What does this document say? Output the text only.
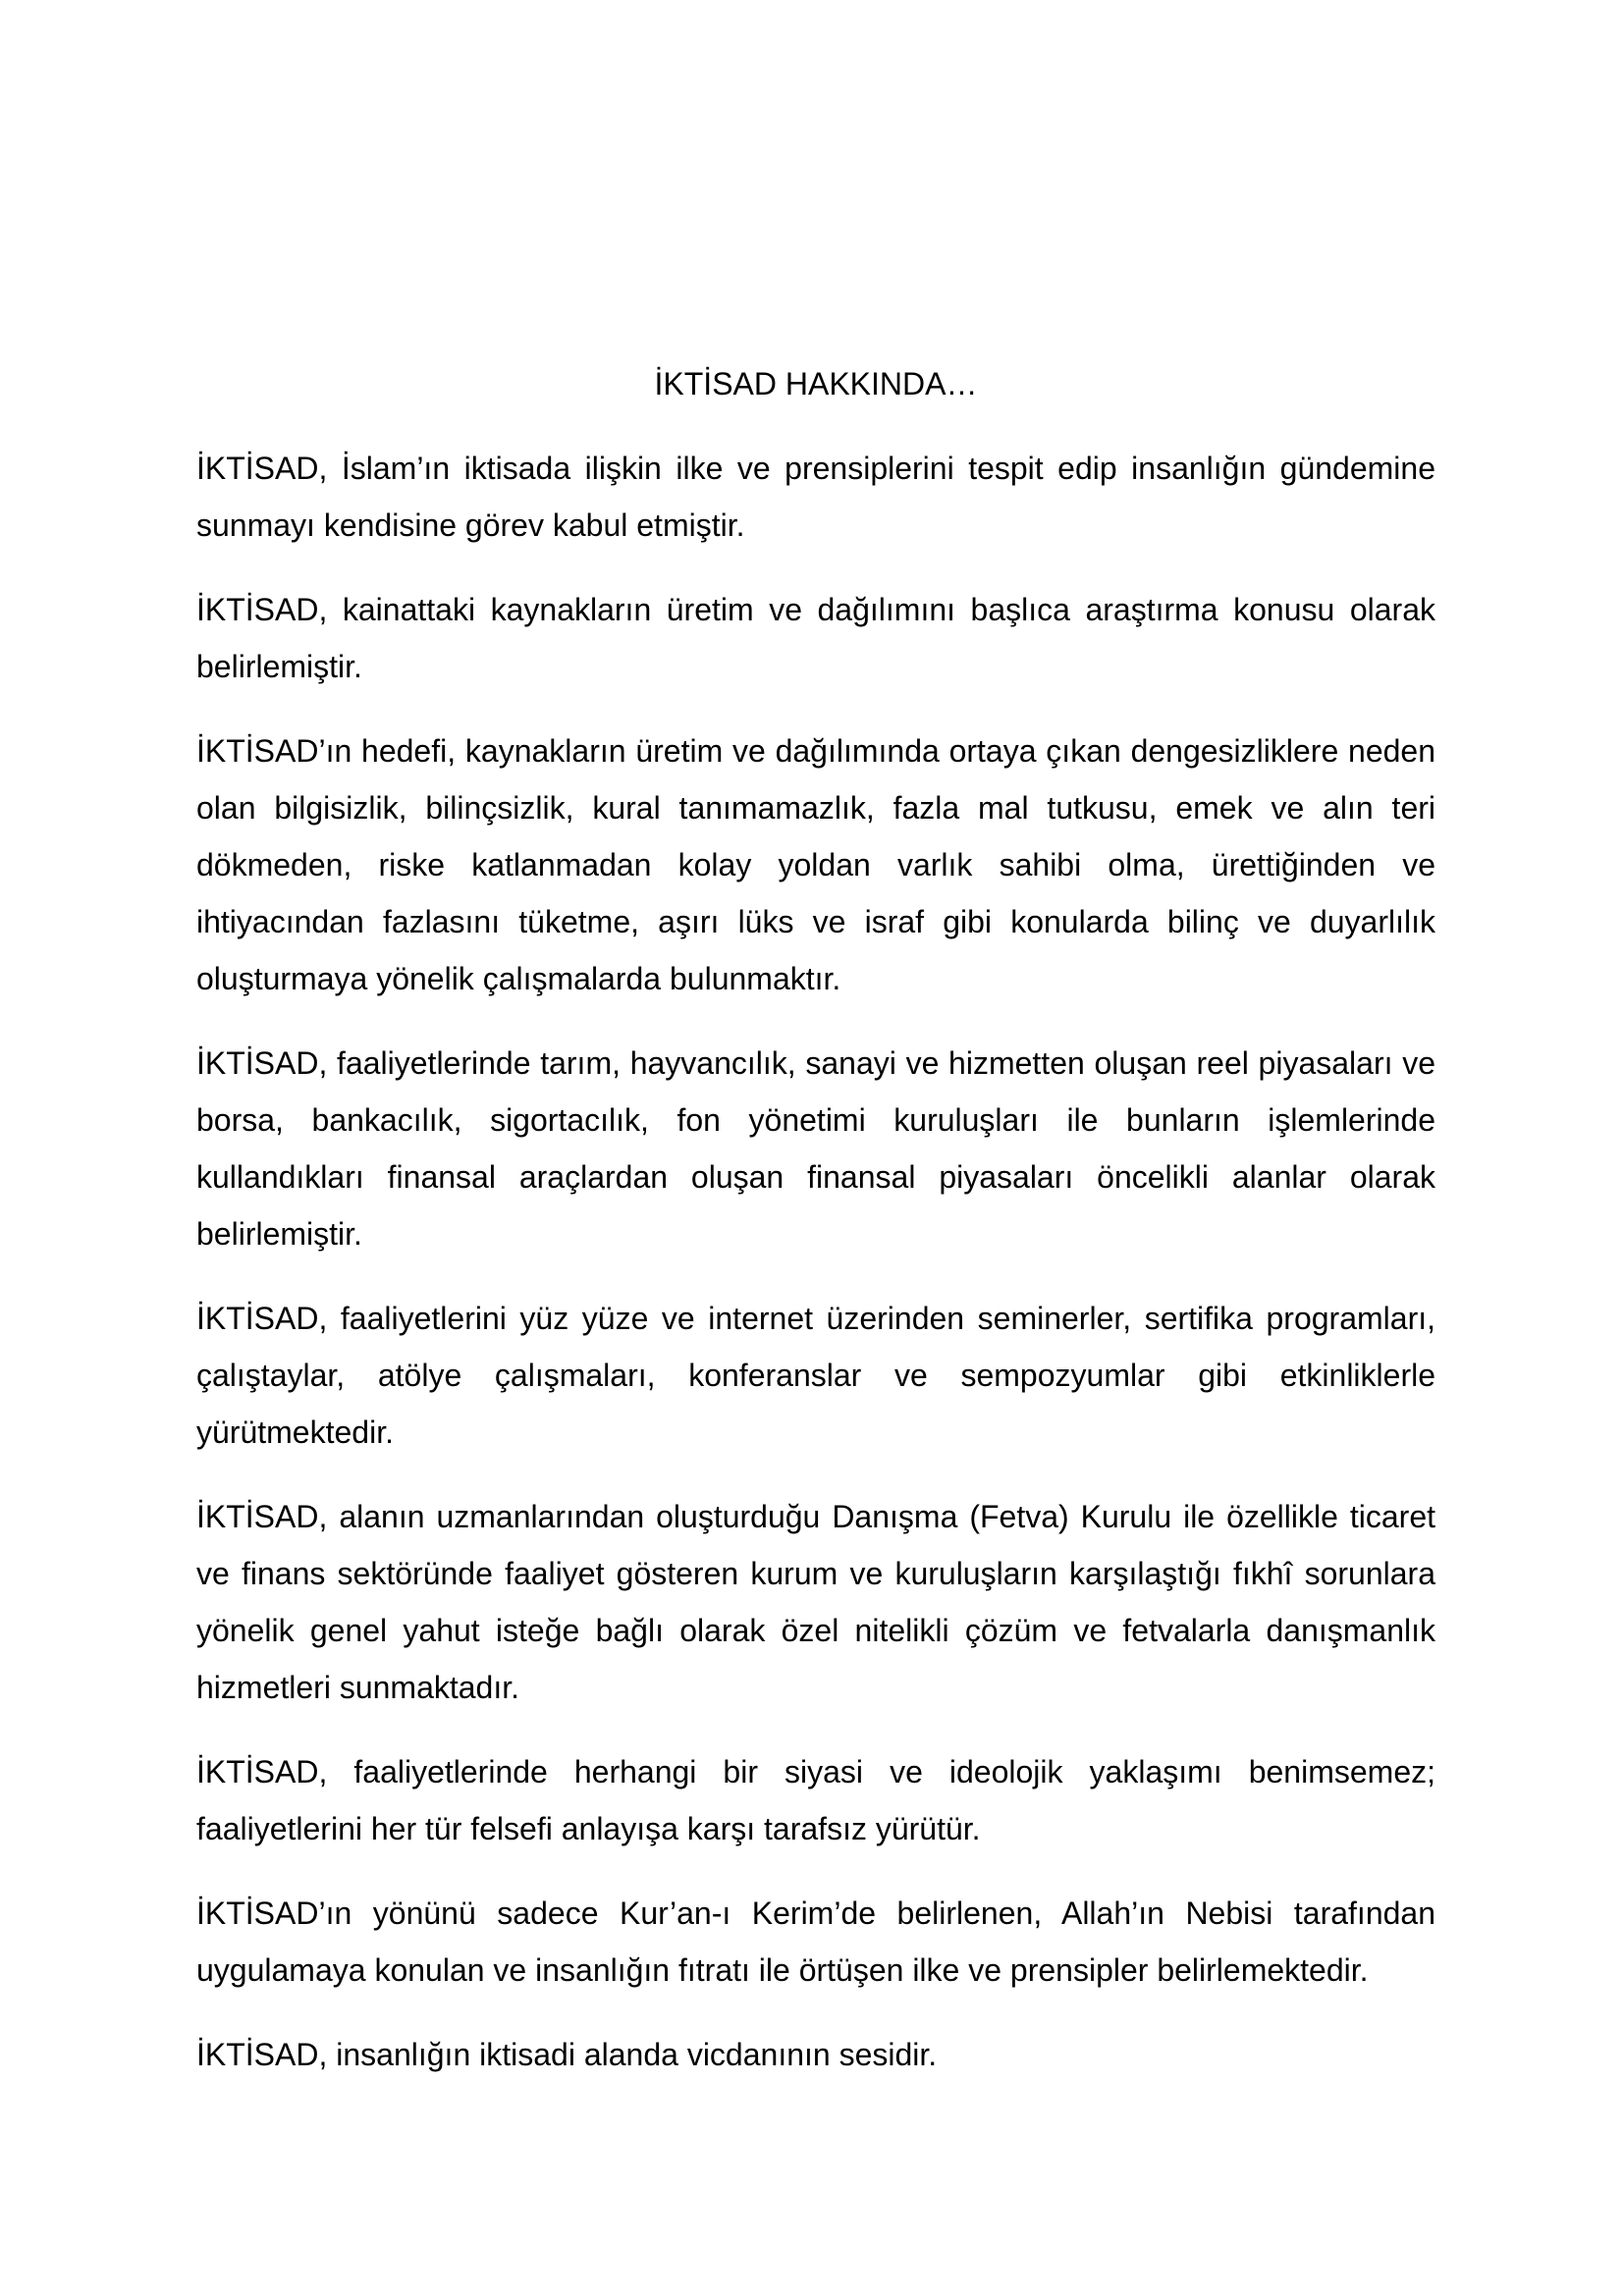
İKTİSAD HAKKINDA…

İKTİSAD, İslam’ın iktisada ilişkin ilke ve prensiplerini tespit edip insanlığın gündemine sunmayı kendisine görev kabul etmiştir.

İKTİSAD, kainattaki kaynakların üretim ve dağılımını başlıca araştırma konusu olarak belirlemiştir.

İKTİSAD’ın hedefi, kaynakların üretim ve dağılımında ortaya çıkan dengesizliklere neden olan bilgisizlik, bilinçsizlik, kural tanımamazlık, fazla mal tutkusu, emek ve alın teri dökmeden, riske katlanmadan kolay yoldan varlık sahibi olma, ürettiğinden ve ihtiyacından fazlasını tüketme, aşırı lüks ve israf gibi konularda bilinç ve duyarlılık oluşturmaya yönelik çalışmalarda bulunmaktır.

İKTİSAD, faaliyetlerinde tarım, hayvancılık, sanayi ve hizmetten oluşan reel piyasaları ve borsa, bankacılık, sigortacılık, fon yönetimi kuruluşları ile bunların işlemlerinde kullandıkları finansal araçlardan oluşan finansal piyasaları öncelikli alanlar olarak belirlemiştir.

İKTİSAD, faaliyetlerini yüz yüze ve internet üzerinden seminerler, sertifika programları, çalıştaylar, atölye çalışmaları, konferanslar ve sempozyumlar gibi etkinliklerle yürütmektedir.

İKTİSAD, alanın uzmanlarından oluşturduğu Danışma (Fetva) Kurulu ile özellikle ticaret ve finans sektöründe faaliyet gösteren kurum ve kuruluşların karşılaştığı fıkhî sorunlara yönelik genel yahut isteğe bağlı olarak özel nitelikli çözüm ve fetvalarla danışmanlık hizmetleri sunmaktadır.

İKTİSAD, faaliyetlerinde herhangi bir siyasi ve ideolojik yaklaşımı benimsemez; faaliyetlerini her tür felsefi anlayışa karşı tarafsız yürütür.

İKTİSAD’ın yönünü sadece Kur’an-ı Kerim’de belirlenen, Allah’ın Nebisi tarafından uygulamaya konulan ve insanlığın fıtratı ile örtüşen ilke ve prensipler belirlemektedir.

İKTİSAD, insanlığın iktisadi alanda vicdanının sesidir.
